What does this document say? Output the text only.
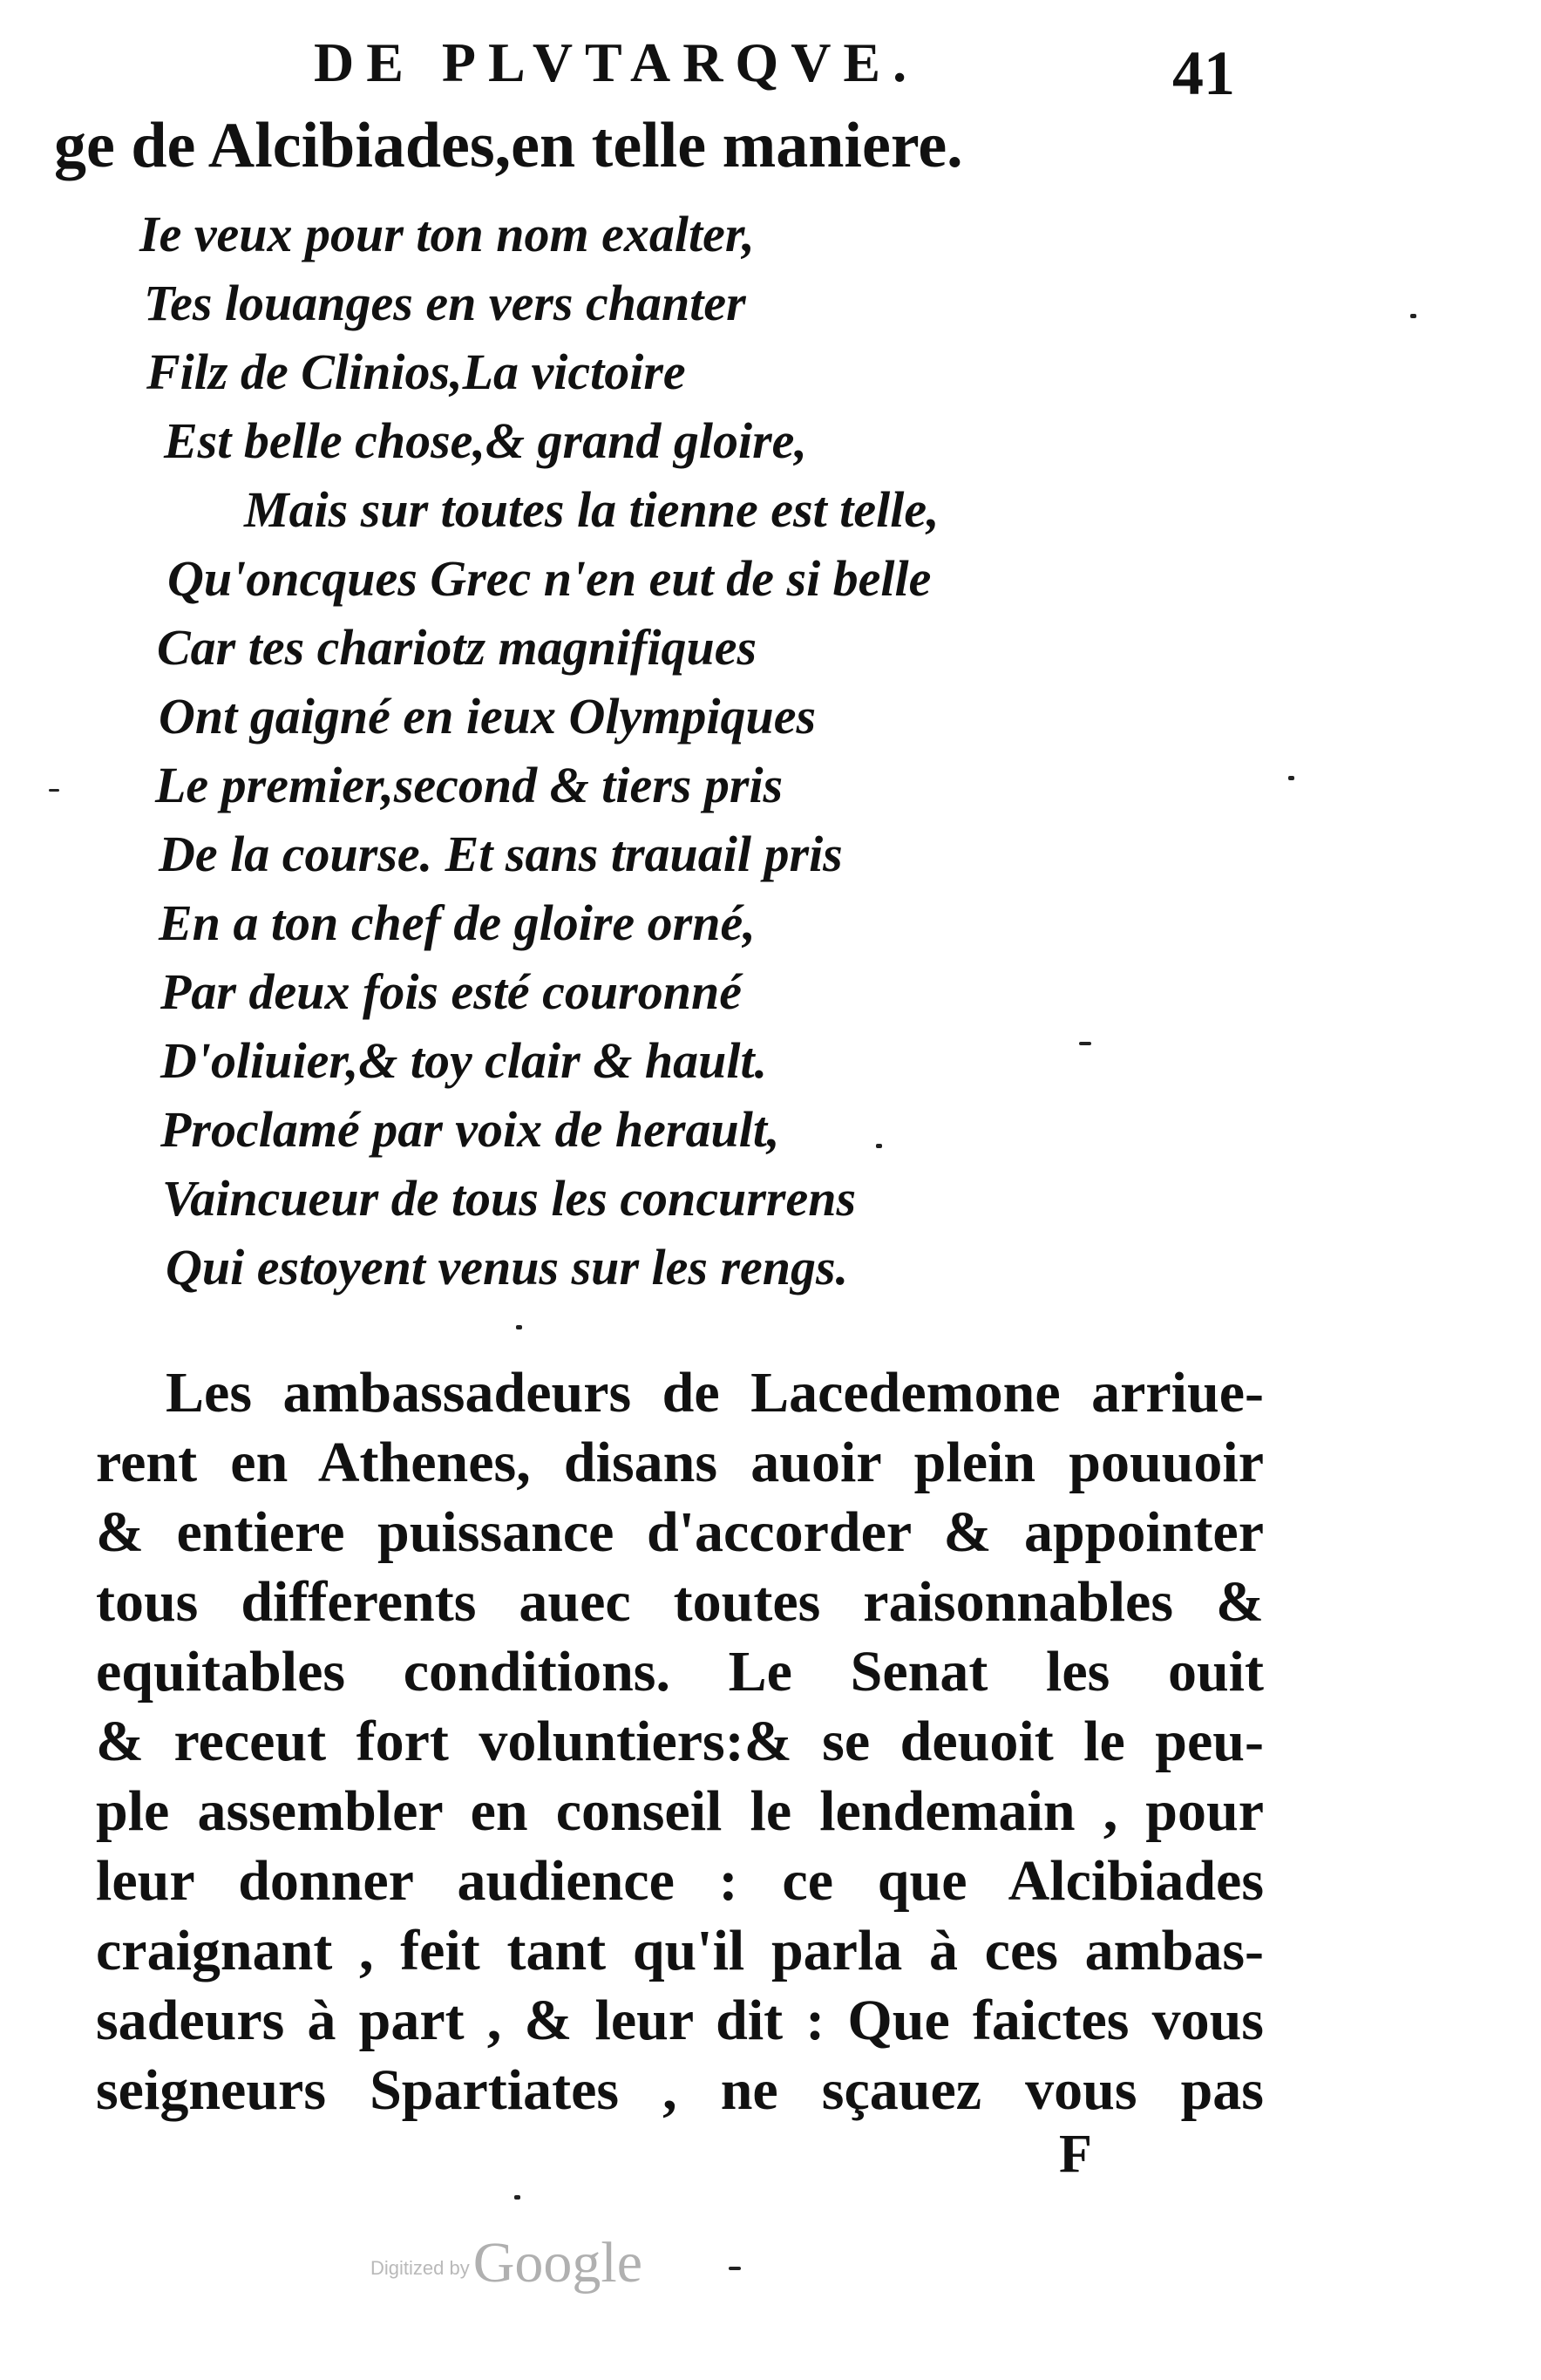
DE PLVTARQVE.	41
ge de Alcibiades,en telle maniere.
Ie veux pour ton nom exalter,
Tes louanges en vers chanter
Filz de Clinios,La victoire
Est belle chose,& grand gloire,
Mais sur toutes la tienne est telle,
Qu'oncques Grec n'en eut de si belle
Car tes chariotz magnifiques
Ont gaigné en ieux Olympiques
Le premier,second & tiers pris
De la course. Et sans trauail pris
En a ton chef de gloire orné,
Par deux fois esté couronné
D'oliuier,& toy clair & hault.
Proclamé par voix de herault,
Vaincueur de tous les concurrens
Qui estoyent venus sur les rengs.
Les ambassadeurs de Lacedemone arriue-
rent en Athenes, disans auoir plein pouuoir
& entiere puissance d'accorder & appointer
tous differents auec toutes raisonnables &
equitables conditions. Le Senat les ouit
& receut fort voluntiers:& se deuoit le peu-
ple assembler en conseil le lendemain , pour
leur donner audience : ce que Alcibiades
craignant , feit tant qu'il parla à ces ambas-
sadeurs à part , & leur dit : Que faictes vous
seigneurs Spartiates , ne sçauez vous pas
F
Digitized by Google
